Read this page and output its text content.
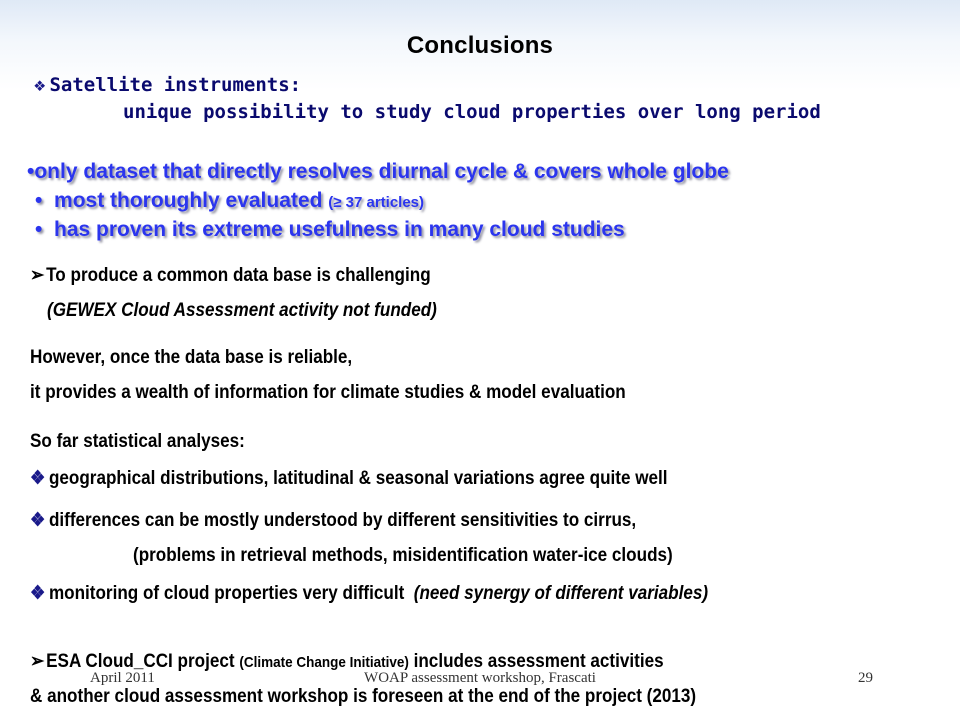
Conclusions
❖ Satellite instruments:
unique possibility to study cloud properties over long period
•only dataset that directly resolves diurnal cycle & covers whole globe
• most thoroughly evaluated (≥ 37 articles)
• has proven its extreme usefulness in many cloud studies
➢To produce a common data base is challenging
(GEWEX Cloud Assessment activity not funded)
However, once the data base is reliable,
it provides a wealth of information for climate studies & model evaluation
So far statistical analyses:
❖ geographical distributions, latitudinal & seasonal variations agree quite well
❖ differences can be mostly understood by different sensitivities to cirrus,
(problems in retrieval methods, misidentification water-ice clouds)
❖ monitoring of cloud properties very difficult (need synergy of different variables)
➢ESA Cloud_CCI project (Climate Change Initiative) includes assessment activities
April 2011	WOAP assessment workshop, Frascati	29
& another cloud assessment workshop is foreseen at the end of the project (2013)
